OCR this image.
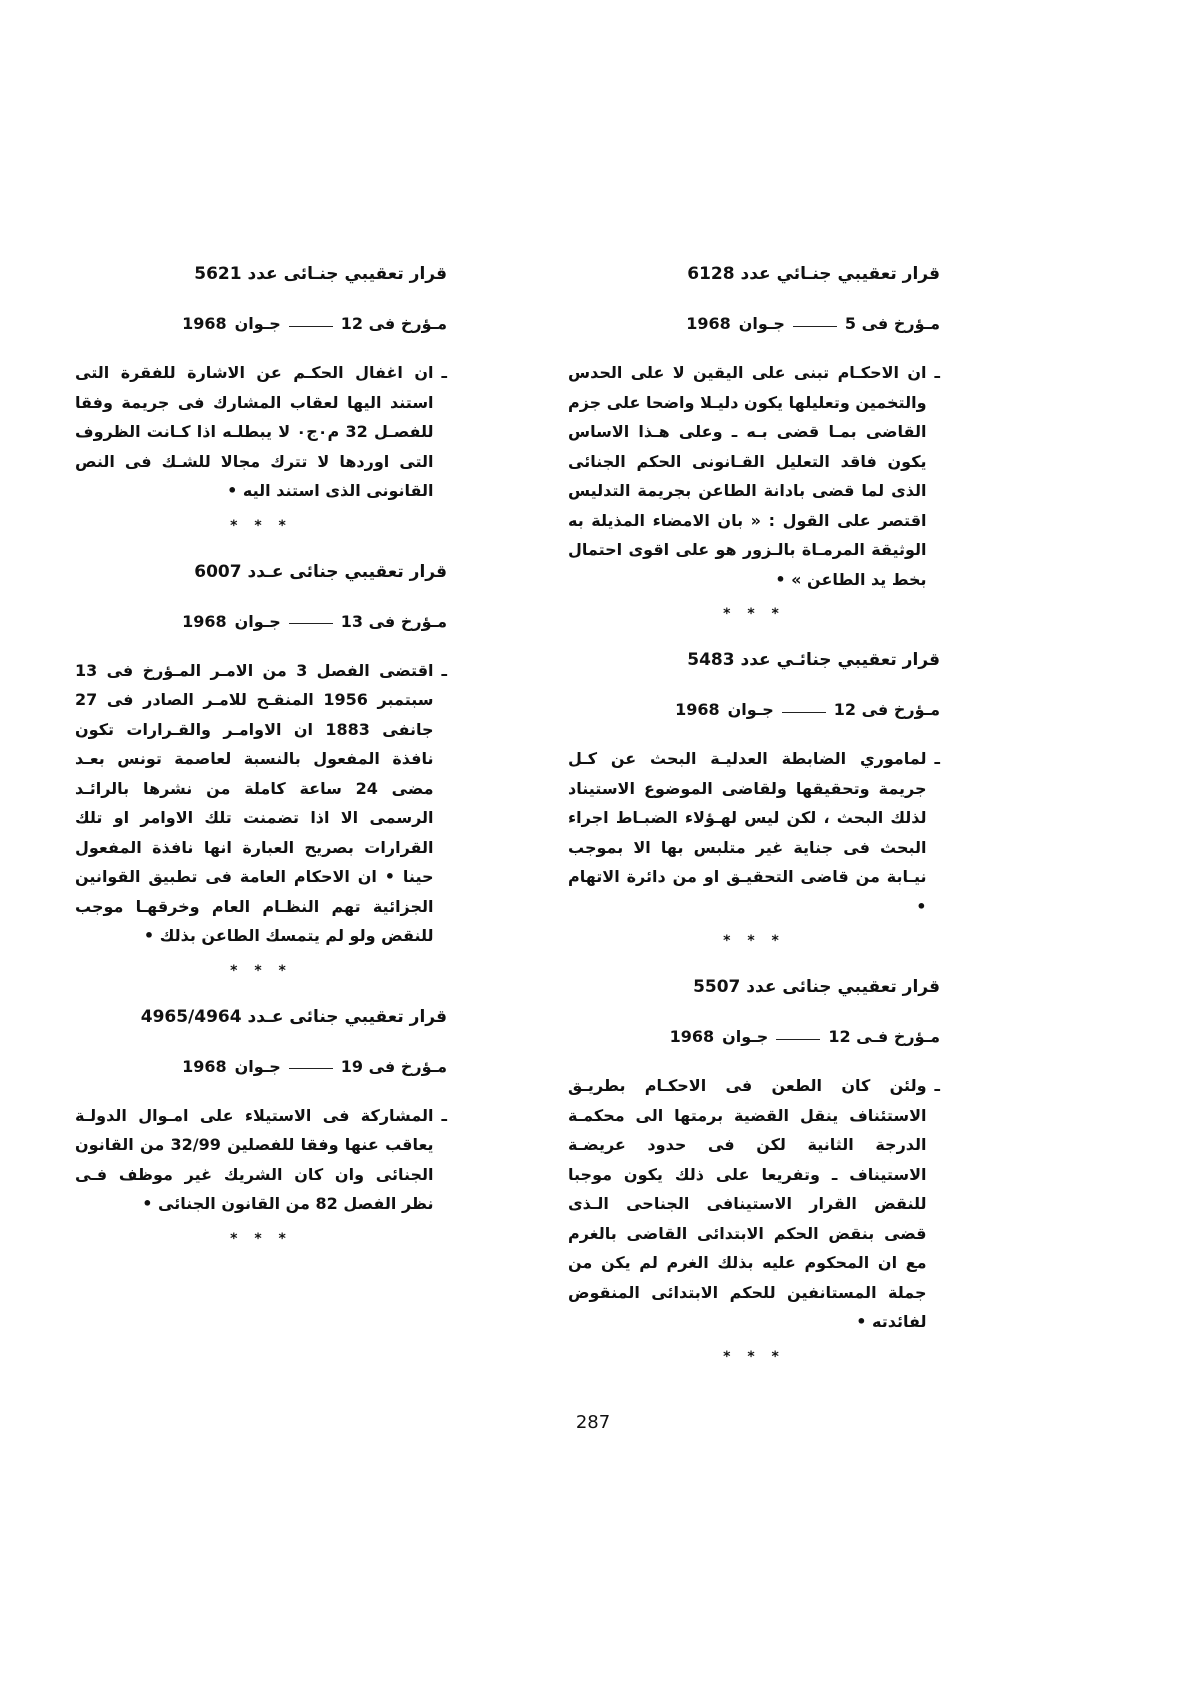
قرار تعقيبي جنـائي عدد 6128
مـؤرخ فى 5
جـوان
1968
ـ
ان الاحكـام تبنى على اليقين لا على الحدس والتخمين وتعليلها يكون دليـلا واضحا على جزم القاضى بمـا قضى بـه ـ وعلى هـذا الاساس يكون فاقد التعليل القـانونى الحكم الجنائى الذى لما قضى بادانة الطاعن بجريمة التدليس اقتصر على القول : « بان الامضاء المذيلة به الوثيقة المرمـاة بالـزور هو على اقوى احتمال بخط يد الطاعن » •
* * *
قرار تعقيبي جنائـي عدد 5483
مـؤرخ فى 12
جـوان
1968
ـ
لماموري الضابطة العدليـة البحث عن كـل جريمة وتحقيقها ولقاضى الموضوع الاستيناد لذلك البحث ، لكن ليس لهـؤلاء الضبـاط اجراء البحث فى جناية غير متلبس بها الا بموجب نيـابة من قاضى التحقيـق او من دائرة الاتهام •
* * *
قرار تعقيبي جنائى عدد 5507
مـؤرخ فـى 12
جـوان
1968
ـ
ولئن كان الطعن فى الاحكـام بطريـق الاستئناف ينقل القضية برمتها الى محكمـة الدرجة الثانية لكن فى حدود عريضـة الاستيناف ـ وتفريعا على ذلك يكون موجبا للنقض القرار الاستينافى الجناحى الـذى قضى بنقض الحكم الابتدائى القاضى بالغرم مع ان المحكوم عليه بذلك الغرم لم يكن من جملة المستانفين للحكم الابتدائى المنقوض لفائدته •
* * *
قرار تعقيبي جنـائى عدد 5621
مـؤرخ فى 12
جـوان
1968
ـ
ان اغفال الحكـم عن الاشارة للفقرة التى استند اليها لعقاب المشارك فى جريمة وفقا للفصـل 32 م٠ج٠ لا يبطلـه اذا كـانت الظروف التى اوردها لا تترك مجالا للشـك فى النص القانونى الذى استند اليه •
* * *
قرار تعقيبي جنائى عـدد 6007
مـؤرخ فى 13
جـوان
1968
ـ
اقتضى الفصل 3 من الامـر المـؤرخ فى 13 سبتمبر 1956 المنقـح للامـر الصادر فى 27 جانفى 1883 ان الاوامـر والقـرارات تكون نافذة المفعول بالنسبة لعاصمة تونس بعـد مضى 24 ساعة كاملة من نشرها بالرائـد الرسمى الا اذا تضمنت تلك الاوامر او تلك القرارات بصريح العبارة انها نافذة المفعول حينا • ان الاحكام العامة فى تطبيق القوانين الجزائية تهم النظـام العام وخرقهـا موجب للنقض ولو لم يتمسك الطاعن بذلك •
* * *
قرار تعقيبي جنائى عـدد 4965/4964
مـؤرخ فى 19
جـوان
1968
ـ
المشاركة فى الاستيلاء على امـوال الدولـة يعاقب عنها وفقا للفصلين 32/99 من القانون الجنائى وان كان الشريك غير موظف فـى نظر الفصل 82 من القانون الجنائى •
* * *
287
